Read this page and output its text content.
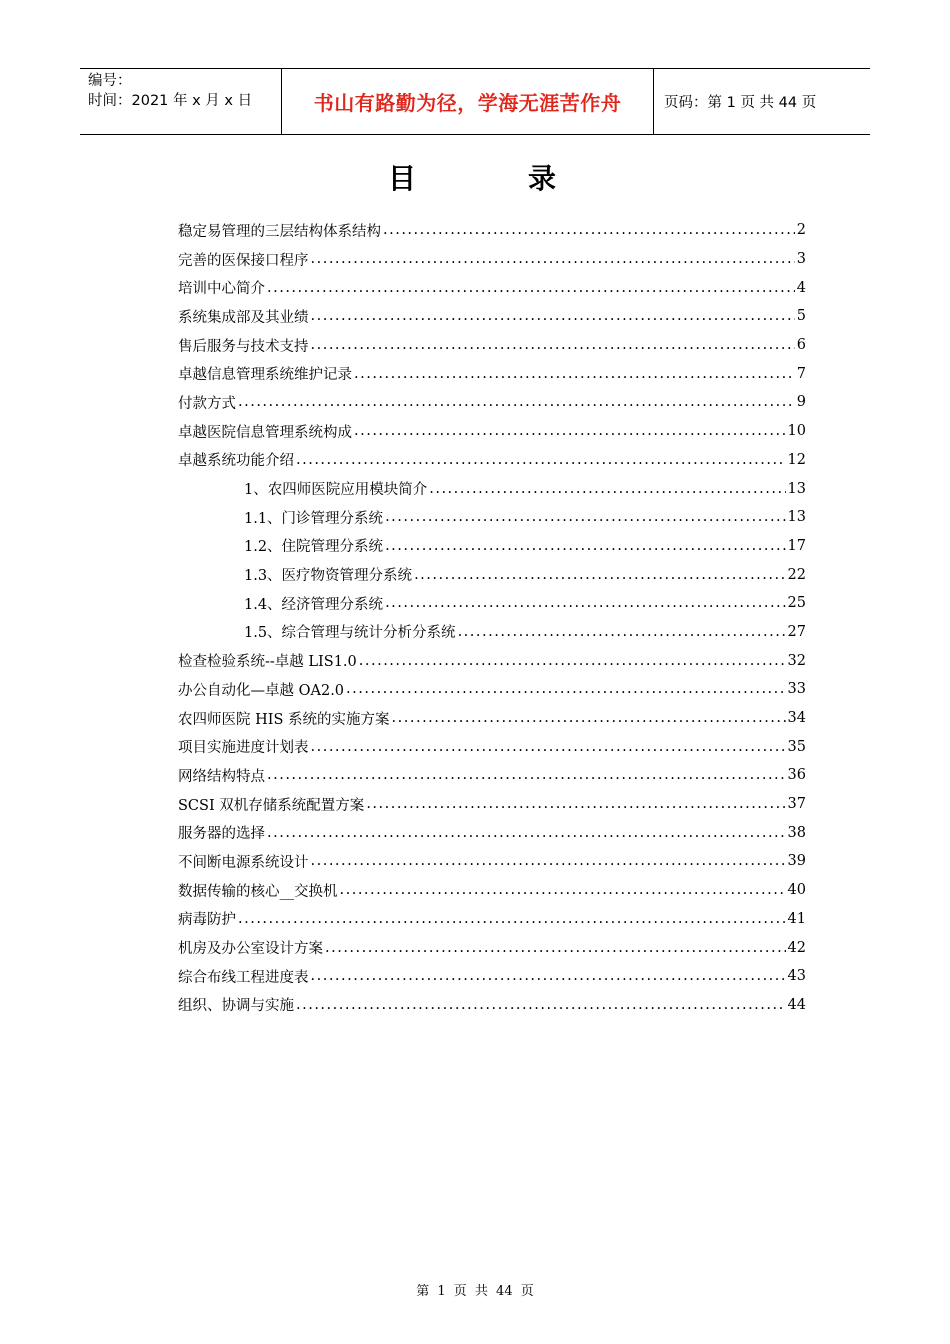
编号：
时间：2021 年 x 月 x 日	书山有路勤为径，学海无涯苦作舟	页码：第 1 页 共 44 页
目	录
稳定易管理的三层结构体系结构 .....	2
完善的医保接口程序 .....	3
培训中心简介 .....	4
系统集成部及其业绩 .....	5
售后服务与技术支持 .....	6
卓越信息管理系统维护记录 .....	7
付款方式 .....	9
卓越医院信息管理系统构成 .....	10
卓越系统功能介绍 .....	12
1、农四师医院应用模块简介 .....	13
1.1、门诊管理分系统 .....	13
1.2、住院管理分系统 .....	17
1.3、医疗物资管理分系统 .....	22
1.4、经济管理分系统 .....	25
1.5、综合管理与统计分析分系统 .....	27
检查检验系统--卓越 LIS1.0 .....	32
办公自动化—卓越 OA2.0 .....	33
农四师医院 HIS 系统的实施方案 .....	34
项目实施进度计划表 .....	35
网络结构特点 .....	36
SCSI 双机存储系统配置方案 .....	37
服务器的选择 .....	38
不间断电源系统设计 .....	39
数据传输的核心__交换机 .....	40
病毒防护 .....	41
机房及办公室设计方案 .....	42
综合布线工程进度表 .....	43
组织、协调与实施 .....	44
第 1 页 共 44 页
